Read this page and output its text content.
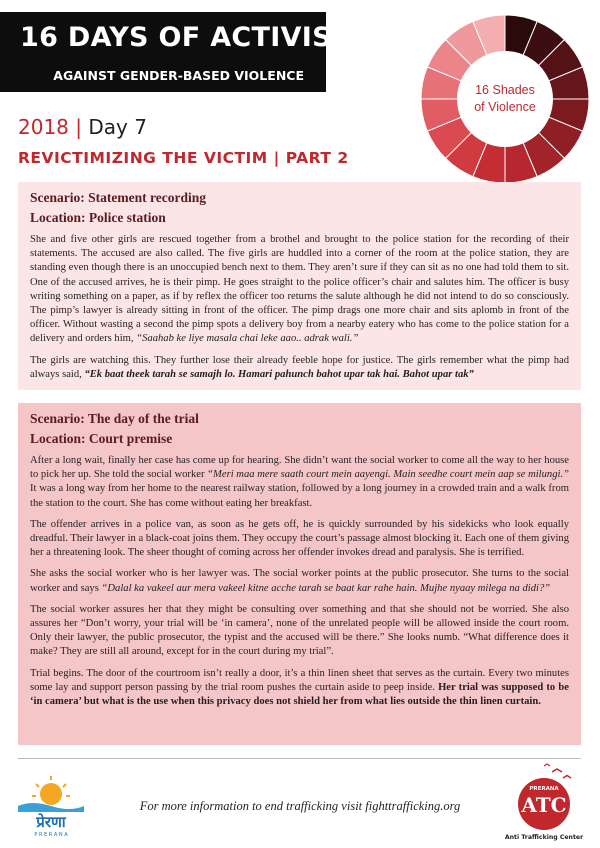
16 DAYS OF ACTIVISM
AGAINST GENDER-BASED VIOLENCE
16 Shades
of Violence
2018 | Day 7
REVICTIMIZING THE VICTIM | PART 2
Scenario: Statement recording
Location: Police station

She and five other girls are rescued together from a brothel and brought to the police station for the recording of their statements. The accused are also called. The five girls are huddled into a corner of the room at the police station, they are standing even though there is an unoccupied bench next to them. They aren’t sure if they can sit as no one had told them to sit. One of the accused arrives, he is their pimp. He goes straight to the police officer’s chair and salutes him. The officer is busy writing something on a paper, as if by reflex the officer too returns the salute although he did not intend to do so consciously. The pimp’s lawyer is already sitting in front of the officer. The pimp drags one more chair and sits aplomb in front of the officer. Without wasting a second the pimp spots a delivery boy from a nearby eatery who has come to the police station for a delivery and orders him, “Saahab ke liye masala chai leke aao.. adrak wali.”

The girls are watching this. They further lose their already feeble hope for justice. The girls remember what the pimp had always said, “Ek baat theek tarah se samajh lo. Hamari pahunch bahot upar tak hai. Bahot upar tak”

Scenario: The day of the trial
Location: Court premise

After a long wait, finally her case has come up for hearing. She didn’t want the social worker to come all the way to her house to pick her up. She told the social worker “Meri maa mere saath court mein aayengi. Main seedhe court mein aap se milungi.” It was a long way from her home to the nearest railway station, followed by a long journey in a crowded train and a walk from the station to the court. She has come without eating her breakfast.

The offender arrives in a police van, as soon as he gets off, he is quickly surrounded by his sidekicks who look equally dreadful. Their lawyer in a black-coat joins them. They occupy the court’s passage almost blocking it. Each one of them giving her a threatening look. The sheer thought of coming across her offender invokes dread and paralysis. She is terrified.

She asks the social worker who is her lawyer was. The social worker points at the public prosecutor. She turns to the social worker and says “Dalal ka vakeel aur mera vakeel kitne acche tarah se baat kar rahe hain. Mujhe nyaay milega na didi?”

The social worker assures her that they might be consulting over something and that she should not be worried. She also assures her “Don’t worry, your trial will be ‘in camera’, none of the unrelated people will be allowed inside the court room. Only their lawyer, the public prosecutor, the typist and the accused will be there.” She looks numb. “What difference does it make? They are still all around, except for in the court during my trial”.

Trial begins. The door of the courtroom isn’t really a door, it’s a thin linen sheet that serves as the curtain. Every two minutes some lay and support person passing by the trial room pushes the curtain aside to peep inside. Her trial was supposed to be ‘in camera’ but what is the use when this privacy does not shield her from what lies outside the thin linen curtain.

प्रेरणा
P R E R A N A
For more information to end trafficking visit fighttrafficking.org
PRERANA
ATC
Anti Trafficking Center
